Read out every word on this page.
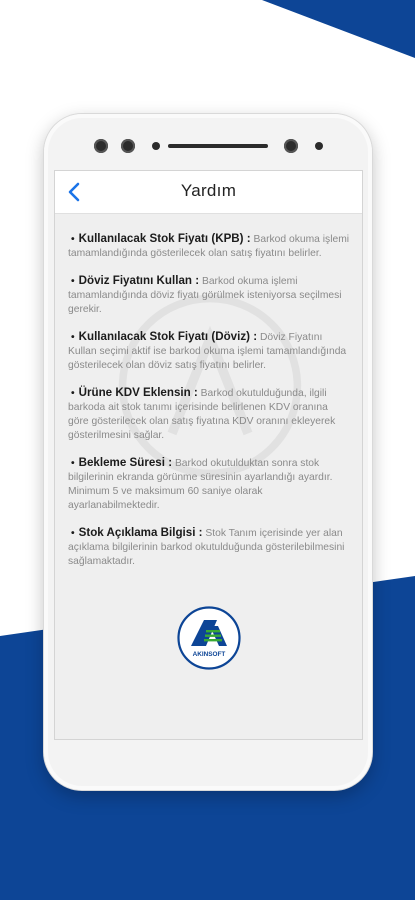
Yardım
• Kullanılacak Stok Fiyatı (KPB) : Barkod okuma işlemi tamamlandığında gösterilecek olan satış fiyatını belirler.
• Döviz Fiyatını Kullan : Barkod okuma işlemi tamamlandığında döviz fiyatı görülmek isteniyorsa seçilmesi gerekir.
• Kullanılacak Stok Fiyatı (Döviz) : Döviz Fiyatını Kullan seçimi aktif ise barkod okuma işlemi tamamlandığında gösterilecek olan döviz satış fiyatını belirler.
• Ürüne KDV Eklensin : Barkod okutulduğunda, ilgili barkoda ait stok tanımı içerisinde belirlenen KDV oranına göre gösterilecek olan satış fiyatına KDV oranını ekleyerek gösterilmesini sağlar.
• Bekleme Süresi : Barkod okutulduktan sonra stok bilgilerinin ekranda görünme süresinin ayarlandığı ayardır. Minimum 5 ve maksimum 60 saniye olarak ayarlanabilmektedir.
• Stok Açıklama Bilgisi : Stok Tanım içerisinde yer alan açıklama bilgilerinin barkod okutulduğunda gösterilebilmesini sağlamaktadır.
AKINSOFT
